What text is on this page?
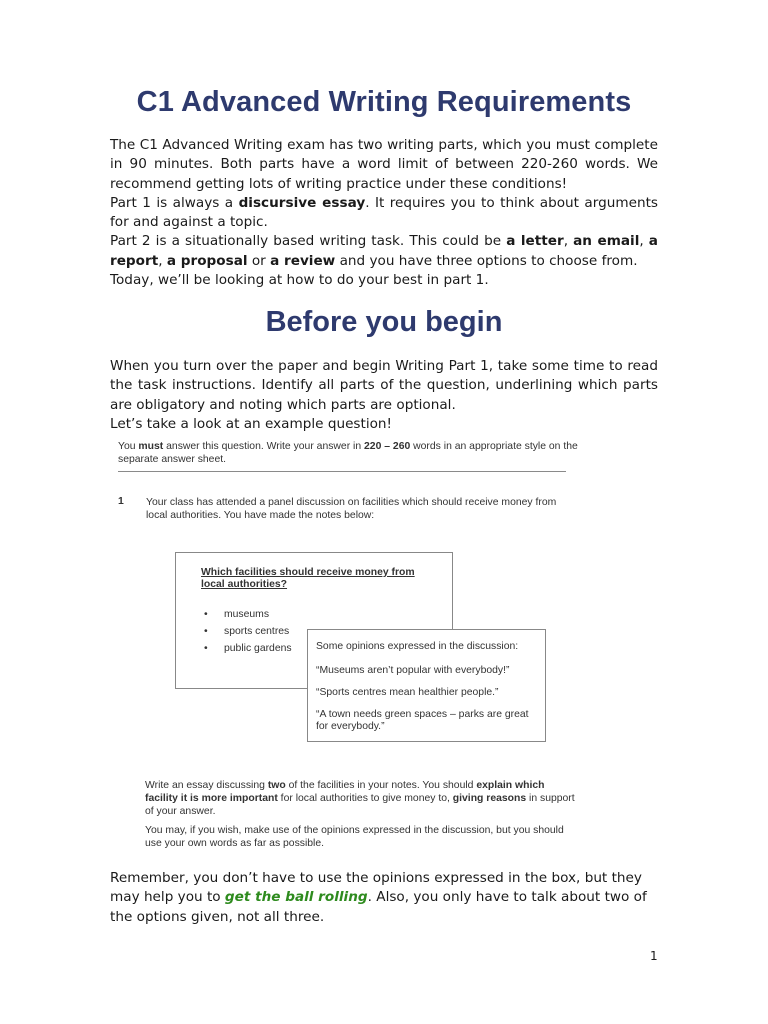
C1 Advanced Writing Requirements
The C1 Advanced Writing exam has two writing parts, which you must complete in 90 minutes. Both parts have a word limit of between 220-260 words. We recommend getting lots of writing practice under these conditions!
Part 1 is always a discursive essay. It requires you to think about arguments for and against a topic.
Part 2 is a situationally based writing task. This could be a letter, an email, a report, a proposal or a review and you have three options to choose from.
Today, we’ll be looking at how to do your best in part 1.
Before you begin
When you turn over the paper and begin Writing Part 1, take some time to read the task instructions. Identify all parts of the question, underlining which parts are obligatory and noting which parts are optional.
Let’s take a look at an example question!
You must answer this question. Write your answer in 220 – 260 words in an appropriate style on the separate answer sheet.
1 Your class has attended a panel discussion on facilities which should receive money from local authorities. You have made the notes below:
Which facilities should receive money from local authorities?
• museums
• sports centres
• public gardens Some opinions expressed in the discussion:
“Museums aren’t popular with everybody!”
“Sports centres mean healthier people.”
“A town needs green spaces – parks are great for everybody.”
Write an essay discussing two of the facilities in your notes. You should explain which facility it is more important for local authorities to give money to, giving reasons in support of your answer.
You may, if you wish, make use of the opinions expressed in the discussion, but you should use your own words as far as possible.
Remember, you don’t have to use the opinions expressed in the box, but they may help you to get the ball rolling. Also, you only have to talk about two of the options given, not all three.
1
